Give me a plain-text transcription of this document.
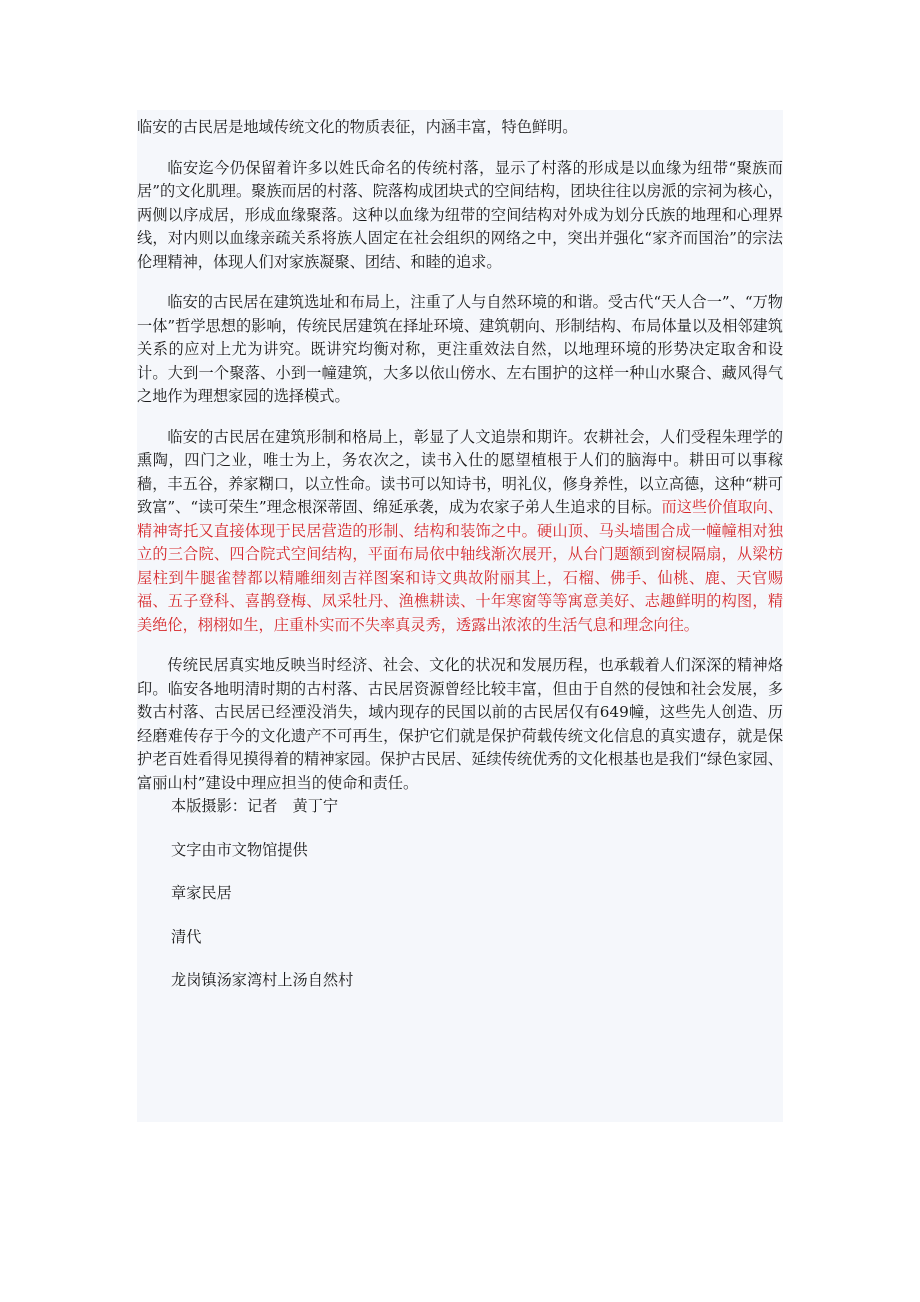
临安的古民居是地域传统文化的物质表征，内涵丰富，特色鲜明。

临安迄今仍保留着许多以姓氏命名的传统村落，显示了村落的形成是以血缘为纽带“聚族而居”的文化肌理。聚族而居的村落、院落构成团块式的空间结构，团块往往以房派的宗祠为核心，两侧以序成居，形成血缘聚落。这种以血缘为纽带的空间结构对外成为划分氏族的地理和心理界线，对内则以血缘亲疏关系将族人固定在社会组织的网络之中，突出并强化“家齐而国治”的宗法伦理精神，体现人们对家族凝聚、团结、和睦的追求。

临安的古民居在建筑选址和布局上，注重了人与自然环境的和谐。受古代“天人合一”、“万物一体”哲学思想的影响，传统民居建筑在择址环境、建筑朝向、形制结构、布局体量以及相邻建筑关系的应对上尤为讲究。既讲究均衡对称，更注重效法自然，以地理环境的形势决定取舍和设计。大到一个聚落、小到一幢建筑，大多以依山傍水、左右围护的这样一种山水聚合、藏风得气之地作为理想家园的选择模式。

临安的古民居在建筑形制和格局上，彰显了人文追崇和期许。农耕社会，人们受程朱理学的熏陶，四门之业，唯士为上，务农次之，读书入仕的愿望植根于人们的脑海中。耕田可以事稼穑，丰五谷，养家糊口，以立性命。读书可以知诗书，明礼仪，修身养性，以立高德，这种“耕可致富”、“读可荣生”理念根深蒂固、绵延承袭，成为农家子弟人生追求的目标。而这些价值取向、精神寄托又直接体现于民居营造的形制、结构和装饰之中。硬山顶、马头墙围合成一幢幢相对独立的三合院、四合院式空间结构，平面布局依中轴线渐次展开，从台门题额到窗棂隔扇，从梁枋屋柱到牛腿雀替都以精雕细刻吉祥图案和诗文典故附丽其上，石榴、佛手、仙桃、鹿、天官赐福、五子登科、喜鹊登梅、凤采牡丹、渔樵耕读、十年寒窗等等寓意美好、志趣鲜明的构图，精美绝伦，栩栩如生，庄重朴实而不失率真灵秀，透露出浓浓的生活气息和理念向往。

传统民居真实地反映当时经济、社会、文化的状况和发展历程，也承载着人们深深的精神烙印。临安各地明清时期的古村落、古民居资源曾经比较丰富，但由于自然的侵蚀和社会发展，多数古村落、古民居已经湮没消失，域内现存的民国以前的古民居仅有649幢，这些先人创造、历经磨难传存于今的文化遗产不可再生，保护它们就是保护荷载传统文化信息的真实遗存，就是保护老百姓看得见摸得着的精神家园。保护古民居、延续传统优秀的文化根基也是我们“绿色家园、富丽山村”建设中理应担当的使命和责任。

本版摄影：记者　黄丁宁

文字由市文物馆提供

章家民居

清代

龙岗镇汤家湾村上汤自然村
